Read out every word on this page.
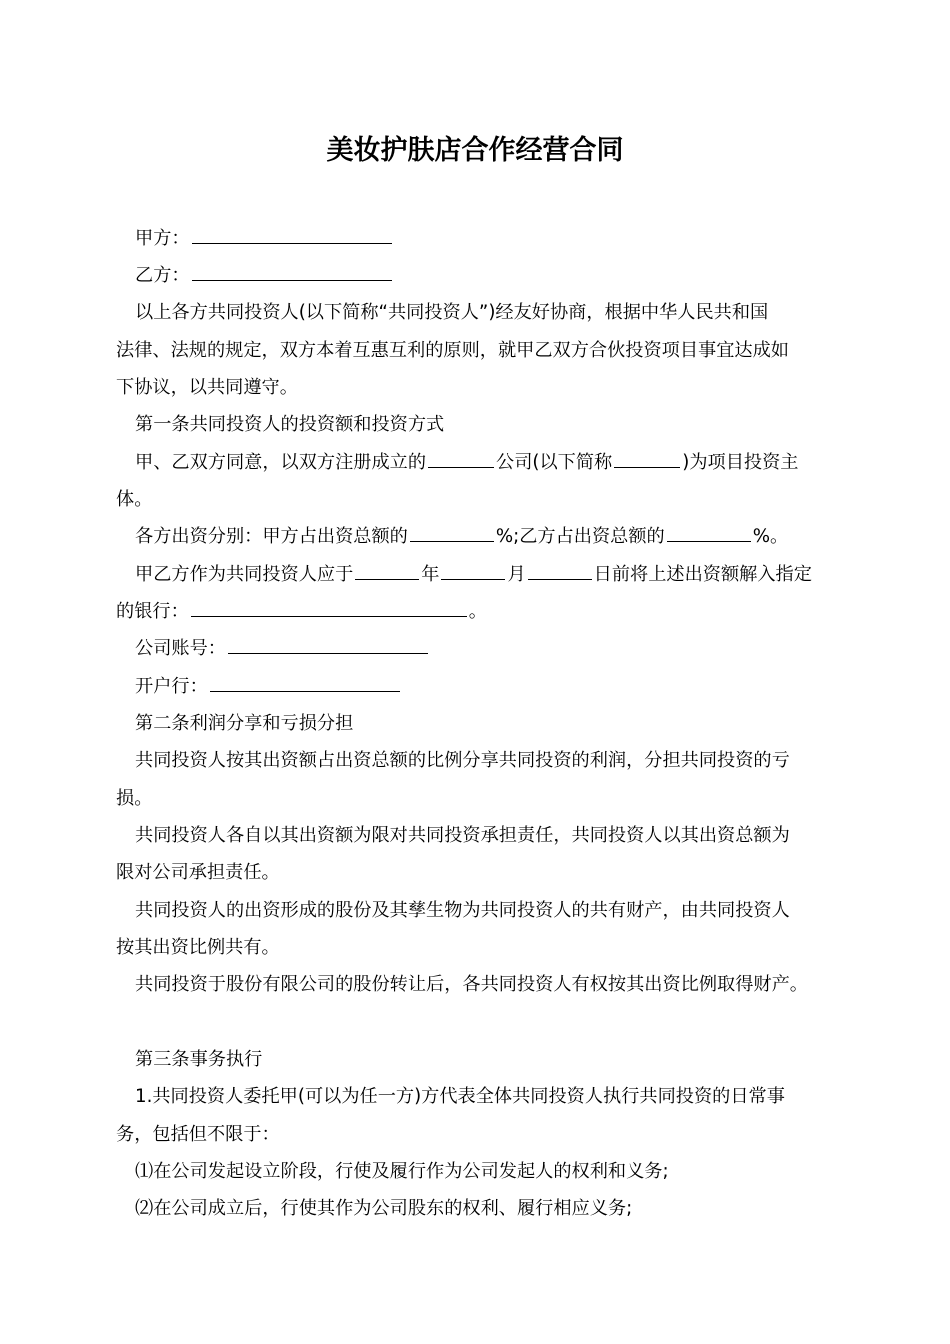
美妆护肤店合作经营合同
甲方：
乙方：
以上各方共同投资人(以下简称“共同投资人”)经友好协商，根据中华人民共和国
法律、法规的规定，双方本着互惠互利的原则，就甲乙双方合伙投资项目事宜达成如
下协议，以共同遵守。
第一条共同投资人的投资额和投资方式
甲、乙双方同意，以双方注册成立的	公司(以下简称	)为项目投资主
体。
各方出资分别：甲方占出资总额的	%;乙方占出资总额的	%。
甲乙方作为共同投资人应于	年	月	日前将上述出资额解入指定
的银行：	。
公司账号：
开户行：
第二条利润分享和亏损分担
共同投资人按其出资额占出资总额的比例分享共同投资的利润，分担共同投资的亏
损。
共同投资人各自以其出资额为限对共同投资承担责任，共同投资人以其出资总额为
限对公司承担责任。
共同投资人的出资形成的股份及其孳生物为共同投资人的共有财产，由共同投资人
按其出资比例共有。
共同投资于股份有限公司的股份转让后，各共同投资人有权按其出资比例取得财产。
第三条事务执行
1.共同投资人委托甲(可以为任一方)方代表全体共同投资人执行共同投资的日常事
务，包括但不限于：
⑴在公司发起设立阶段，行使及履行作为公司发起人的权利和义务;
⑵在公司成立后，行使其作为公司股东的权利、履行相应义务;
